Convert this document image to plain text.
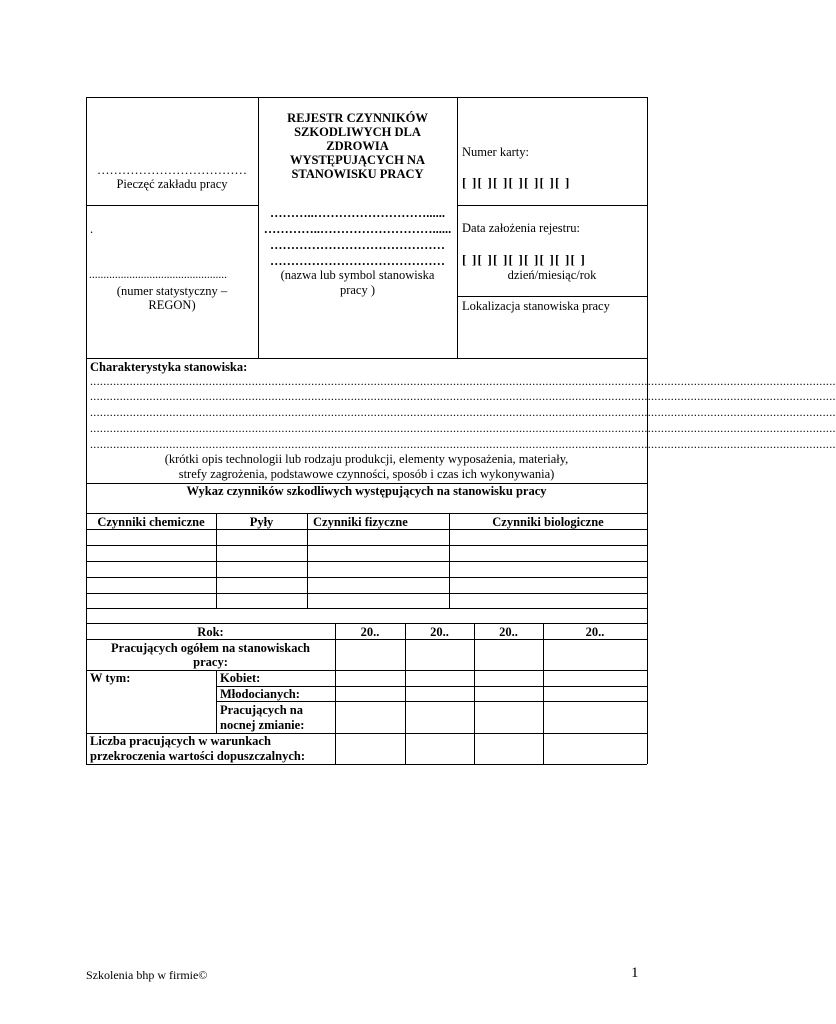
………………………………
Pieczęć zakładu pracy
.
................................................
(numer statystyczny –
REGON)
REJESTR CZYNNIKÓW
SZKODLIWYCH DLA
ZDROWIA
WYSTĘPUJĄCYCH NA
STANOWISKU PRACY
………..………………………......
…………..………………………......
……………………………………
……………………………………
(nazwa lub symbol stanowiska
pracy )
Numer karty:
[ ][ ][ ][ ][ ][ ][ ]
Data założenia rejestru:
[ ][ ][ ][ ][ ][ ][ ][ ]
dzień/miesiąc/rok
Lokalizacja stanowiska pracy
Charakterystyka stanowiska:
..................................................................................................................................................................................................................................
..................................................................................................................................................................................................................................
..................................................................................................................................................................................................................................
..................................................................................................................................................................................................................................
..................................................................................................................................................................................................................................
(krótki opis technologii lub rodzaju produkcji, elementy wyposażenia, materiały,
strefy zagrożenia, podstawowe czynności, sposób i czas ich wykonywania)
Wykaz czynników szkodliwych występujących na stanowisku pracy
Czynniki chemiczne	Pyły	Czynniki fizyczne	Czynniki biologiczne
Rok:	20..	20..	20..	20..
Pracujących ogółem na stanowiskach
pracy:
W tym:	Kobiet:
Młodocianych:
Pracujących na
nocnej zmianie:
Liczba pracujących w warunkach
przekroczenia wartości dopuszczalnych:
Szkolenia bhp w firmie©	1
